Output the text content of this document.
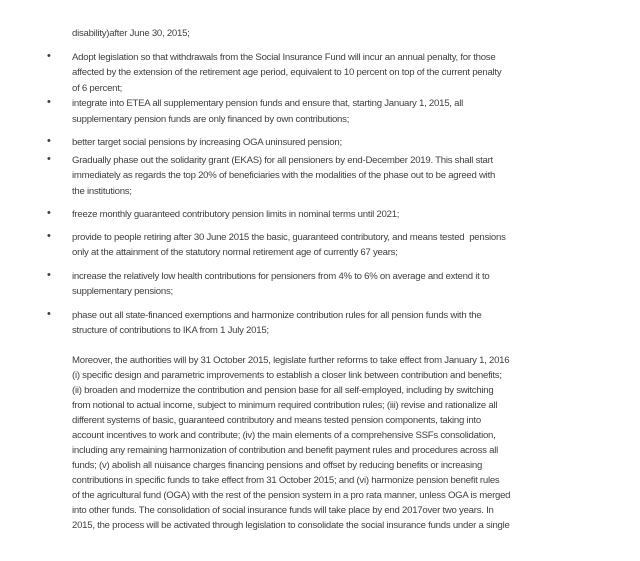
disability)after June 30, 2015;
• Adopt legislation so that withdrawals from the Social Insurance Fund will incur an annual penalty, for those
affected by the extension of the retirement age period, equivalent to 10 percent on top of the current penalty
of 6 percent;
• integrate into ETEA all supplementary pension funds and ensure that, starting January 1, 2015, all
supplementary pension funds are only financed by own contributions;
• better target social pensions by increasing OGA uninsured pension;
• Gradually phase out the solidarity grant (EKAS) for all pensioners by end-December 2019. This shall start
immediately as regards the top 20% of beneficiaries with the modalities of the phase out to be agreed with
the institutions;
• freeze monthly guaranteed contributory pension limits in nominal terms until 2021;
• provide to people retiring after 30 June 2015 the basic, guaranteed contributory, and means tested  pensions
only at the attainment of the statutory normal retirement age of currently 67 years;
• increase the relatively low health contributions for pensioners from 4% to 6% on average and extend it to
supplementary pensions;
• phase out all state-financed exemptions and harmonize contribution rules for all pension funds with the
structure of contributions to IKA from 1 July 2015;
Moreover, the authorities will by 31 October 2015, legislate further reforms to take effect from January 1, 2016
(i) specific design and parametric improvements to establish a closer link between contribution and benefits;
(ii) broaden and modernize the contribution and pension base for all self-employed, including by switching
from notional to actual income, subject to minimum required contribution rules; (iii) revise and rationalize all
different systems of basic, guaranteed contributory and means tested pension components, taking into
account incentives to work and contribute; (iv) the main elements of a comprehensive SSFs consolidation,
including any remaining harmonization of contribution and benefit payment rules and procedures across all
funds; (v) abolish all nuisance charges financing pensions and offset by reducing benefits or increasing
contributions in specific funds to take effect from 31 October 2015; and (vi) harmonize pension benefit rules
of the agricultural fund (OGA) with the rest of the pension system in a pro rata manner, unless OGA is merged
into other funds. The consolidation of social insurance funds will take place by end 2017over two years. In
2015, the process will be activated through legislation to consolidate the social insurance funds under a single
